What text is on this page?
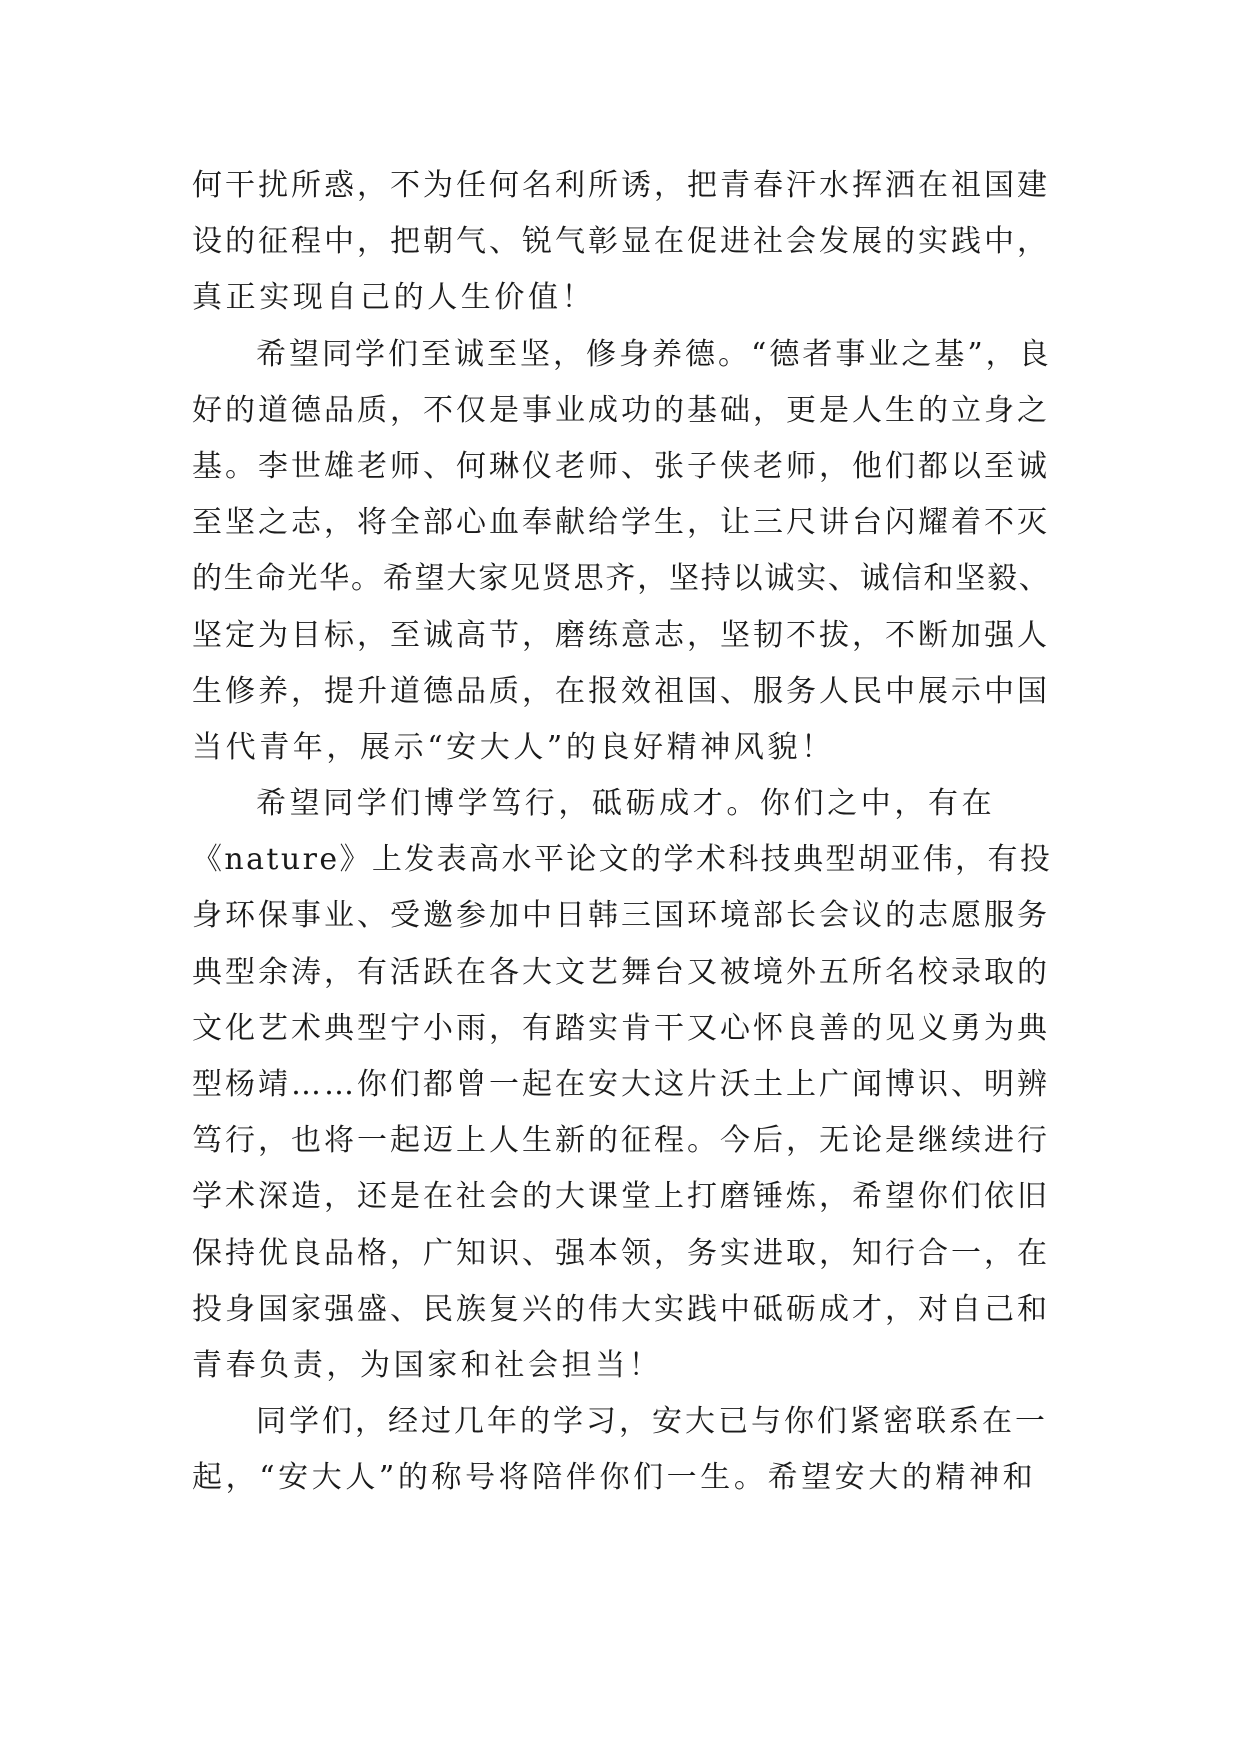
何干扰所惑，不为任何名利所诱，把青春汗水挥洒在祖国建
设的征程中，把朝气、锐气彰显在促进社会发展的实践中，
真正实现自己的人生价值！
希望同学们至诚至坚，修身养德。“德者事业之基”，良
好的道德品质，不仅是事业成功的基础，更是人生的立身之
基。李世雄老师、何琳仪老师、张子侠老师，他们都以至诚
至坚之志，将全部心血奉献给学生，让三尺讲台闪耀着不灭
的生命光华。希望大家见贤思齐，坚持以诚实、诚信和坚毅、
坚定为目标，至诚高节，磨练意志，坚韧不拔，不断加强人
生修养，提升道德品质，在报效祖国、服务人民中展示中国
当代青年，展示“安大人”的良好精神风貌！
希望同学们博学笃行，砥砺成才。你们之中，有在
《nature》上发表高水平论文的学术科技典型胡亚伟，有投
身环保事业、受邀参加中日韩三国环境部长会议的志愿服务
典型余涛，有活跃在各大文艺舞台又被境外五所名校录取的
文化艺术典型宁小雨，有踏实肯干又心怀良善的见义勇为典
型杨靖……你们都曾一起在安大这片沃土上广闻博识、明辨
笃行，也将一起迈上人生新的征程。今后，无论是继续进行
学术深造，还是在社会的大课堂上打磨锤炼，希望你们依旧
保持优良品格，广知识、强本领，务实进取，知行合一，在
投身国家强盛、民族复兴的伟大实践中砥砺成才，对自己和
青春负责，为国家和社会担当！
同学们，经过几年的学习，安大已与你们紧密联系在一
起，“安大人”的称号将陪伴你们一生。希望安大的精神和
